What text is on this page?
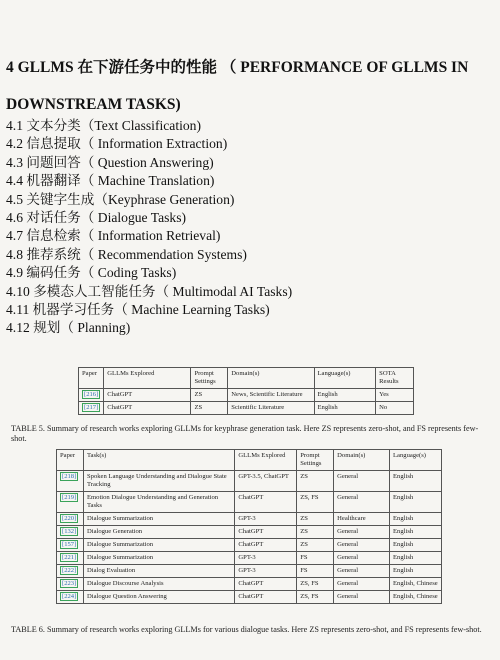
4 GLLMS 在下游任务中的性能 （ PERFORMANCE OF GLLMS IN
DOWNSTREAM TASKS)
4.1 文本分类（Text Classification)
4.2 信息提取（ Information Extraction)
4.3 问题回答（ Question Answering)
4.4 机器翻译（ Machine Translation)
4.5 关键字生成（Keyphrase Generation)
4.6 对话任务（ Dialogue Tasks)
4.7 信息检索（ Information Retrieval)
4.8 推荐系统（ Recommendation Systems)
4.9 编码任务（ Coding Tasks)
4.10 多模态人工智能任务（ Multimodal AI Tasks)
4.11 机器学习任务（ Machine Learning Tasks)
4.12 规划（ Planning)
Paper	GLLMs Explored	Prompt Settings	Domain(s)	Language(s)	SOTA Results
[216]	ChatGPT	ZS	News, Scientific Literature	English	Yes
[217]	ChatGPT	ZS	Scientific Literature	English	No
TABLE 5. Summary of research works exploring GLLMs for keyphrase generation task. Here ZS represents zero-shot, and FS represents few-shot.
Paper	Task(s)	GLLMs Explored	Prompt Settings	Domain(s)	Language(s)
[218]	Spoken Language Understanding and Dialogue State Tracking	GPT-3.5, ChatGPT	ZS	General	English
[219]	Emotion Dialogue Understanding and Generation Tasks	ChatGPT	ZS, FS	General	English
[220]	Dialogue Summarization	GPT-3	ZS	Healthcare	English
[132]	Dialogue Generation	ChatGPT	ZS	General	English
[157]	Dialogue Summarization	ChatGPT	ZS	General	English
[221]	Dialogue Summarization	GPT-3	FS	General	English
[222]	Dialog Evaluation	GPT-3	FS	General	English
[223]	Dialogue Discourse Analysis	ChatGPT	ZS, FS	General	English, Chinese
[224]	Dialogue Question Answering	ChatGPT	ZS, FS	General	English, Chinese
TABLE 6. Summary of research works exploring GLLMs for various dialogue tasks. Here ZS represents zero-shot, and FS represents few-shot.
